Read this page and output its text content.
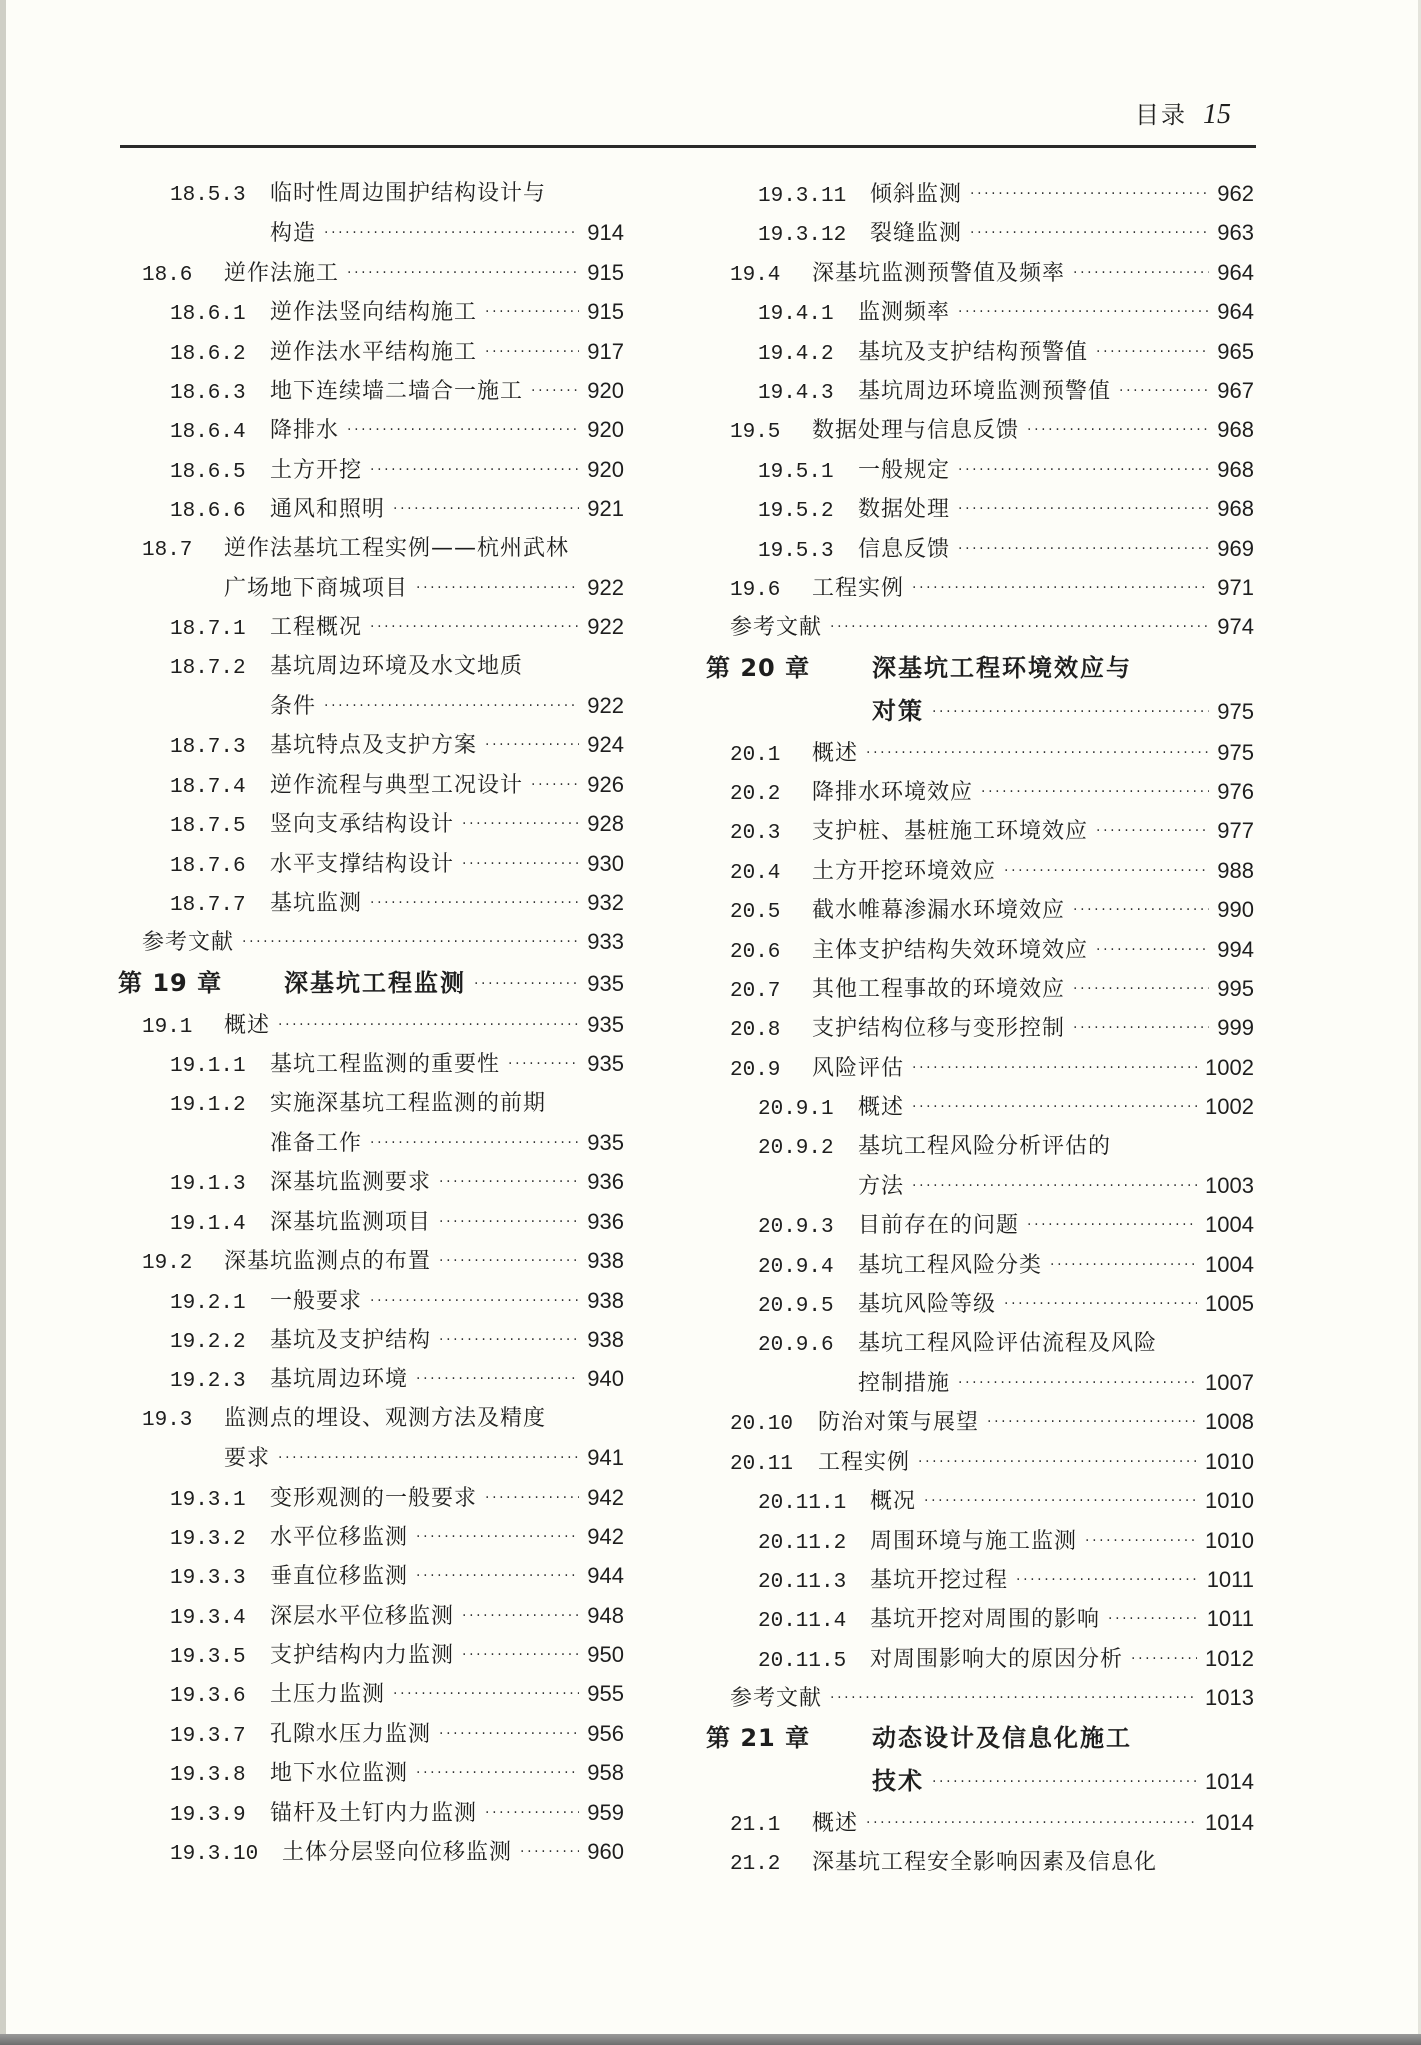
目录 15
18.5.3	临时性周边围护结构设计与
构造 ·····	914
18.6	逆作法施工 ·····	915
18.6.1	逆作法竖向结构施工 ·····	915
18.6.2	逆作法水平结构施工 ·····	917
18.6.3	地下连续墙二墙合一施工 ·····	920
18.6.4	降排水 ·····	920
18.6.5	土方开挖 ·····	920
18.6.6	通风和照明 ·····	921
18.7	逆作法基坑工程实例——杭州武林
广场地下商城项目 ·····	922
18.7.1	工程概况 ·····	922
18.7.2	基坑周边环境及水文地质
条件 ·····	922
18.7.3	基坑特点及支护方案 ·····	924
18.7.4	逆作流程与典型工况设计 ·····	926
18.7.5	竖向支承结构设计 ·····	928
18.7.6	水平支撑结构设计 ·····	930
18.7.7	基坑监测 ·····	932
参考文献 ·····	933
第 19 章	深基坑工程监测 ·····	935
19.1	概述 ·····	935
19.1.1	基坑工程监测的重要性 ·····	935
19.1.2	实施深基坑工程监测的前期
准备工作 ·····	935
19.1.3	深基坑监测要求 ·····	936
19.1.4	深基坑监测项目 ·····	936
19.2	深基坑监测点的布置 ·····	938
19.2.1	一般要求 ·····	938
19.2.2	基坑及支护结构 ·····	938
19.2.3	基坑周边环境 ·····	940
19.3	监测点的埋设、观测方法及精度
要求 ·····	941
19.3.1	变形观测的一般要求 ·····	942
19.3.2	水平位移监测 ·····	942
19.3.3	垂直位移监测 ·····	944
19.3.4	深层水平位移监测 ·····	948
19.3.5	支护结构内力监测 ·····	950
19.3.6	土压力监测 ·····	955
19.3.7	孔隙水压力监测 ·····	956
19.3.8	地下水位监测 ·····	958
19.3.9	锚杆及土钉内力监测 ·····	959
19.3.10	土体分层竖向位移监测 ·····	960
19.3.11	倾斜监测 ·····	962
19.3.12	裂缝监测 ·····	963
19.4	深基坑监测预警值及频率 ·····	964
19.4.1	监测频率 ·····	964
19.4.2	基坑及支护结构预警值 ·····	965
19.4.3	基坑周边环境监测预警值 ·····	967
19.5	数据处理与信息反馈 ·····	968
19.5.1	一般规定 ·····	968
19.5.2	数据处理 ·····	968
19.5.3	信息反馈 ·····	969
19.6	工程实例 ·····	971
参考文献 ·····	974
第 20 章	深基坑工程环境效应与
对策 ·····	975
20.1	概述 ·····	975
20.2	降排水环境效应 ·····	976
20.3	支护桩、基桩施工环境效应 ·····	977
20.4	土方开挖环境效应 ·····	988
20.5	截水帷幕渗漏水环境效应 ·····	990
20.6	主体支护结构失效环境效应 ·····	994
20.7	其他工程事故的环境效应 ·····	995
20.8	支护结构位移与变形控制 ·····	999
20.9	风险评估 ·····	1002
20.9.1	概述 ·····	1002
20.9.2	基坑工程风险分析评估的
方法 ·····	1003
20.9.3	目前存在的问题 ·····	1004
20.9.4	基坑工程风险分类 ·····	1004
20.9.5	基坑风险等级 ·····	1005
20.9.6	基坑工程风险评估流程及风险
控制措施 ·····	1007
20.10	防治对策与展望 ·····	1008
20.11	工程实例 ·····	1010
20.11.1	概况 ·····	1010
20.11.2	周围环境与施工监测 ·····	1010
20.11.3	基坑开挖过程 ·····	1011
20.11.4	基坑开挖对周围的影响 ·····	1011
20.11.5	对周围影响大的原因分析 ·····	1012
参考文献 ·····	1013
第 21 章	动态设计及信息化施工
技术 ·····	1014
21.1	概述 ·····	1014
21.2	深基坑工程安全影响因素及信息化
